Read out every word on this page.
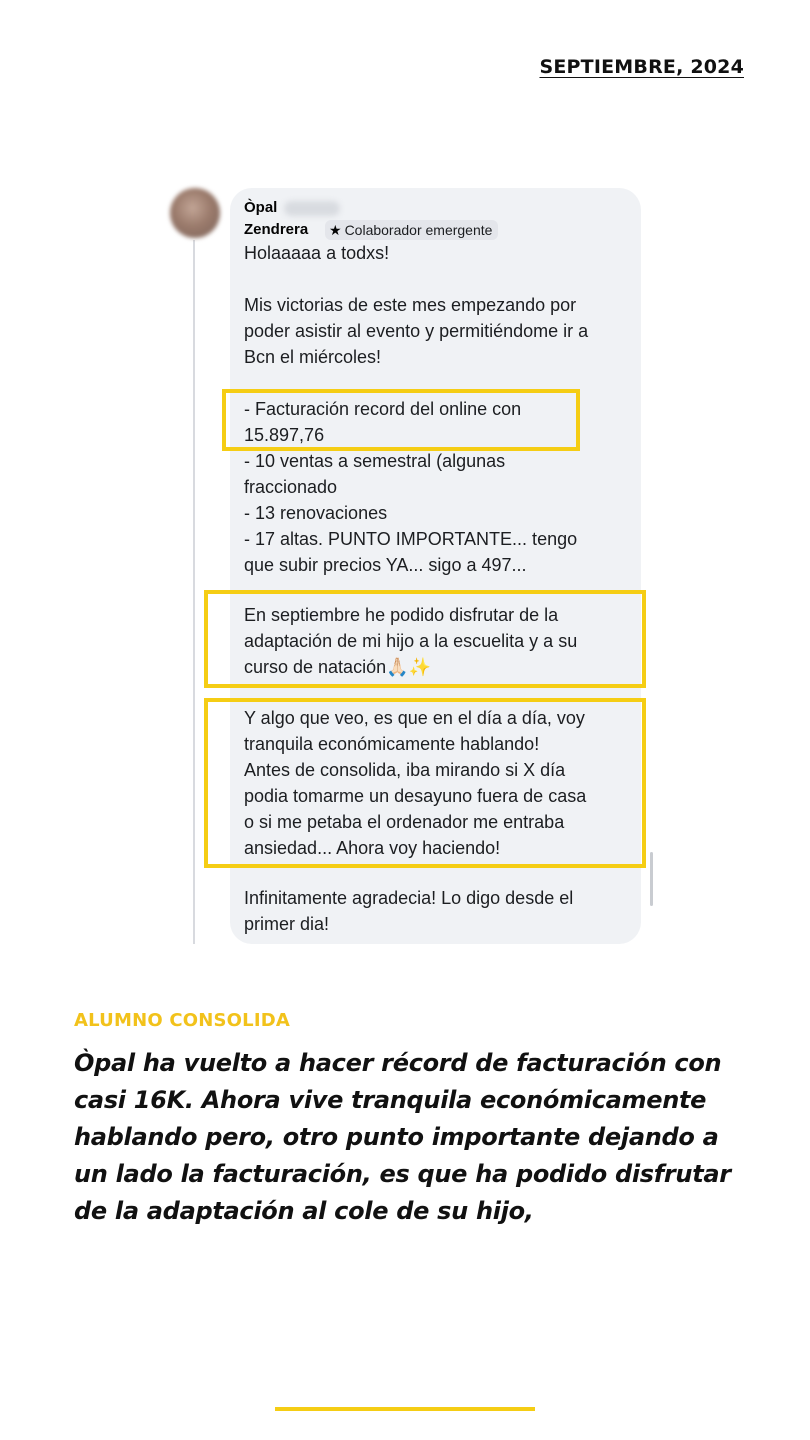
SEPTIEMBRE, 2024
Òpal
Zendrera ★ Colaborador emergente
Holaaaaa a todxs!
Mis victorias de este mes empezando por
poder asistir al evento y permitiéndome ir a
Bcn el miércoles!
- Facturación record del online con
15.897,76
- 10 ventas a semestral (algunas
fraccionado
- 13 renovaciones
- 17 altas. PUNTO IMPORTANTE... tengo
que subir precios YA... sigo a 497...
En septiembre he podido disfrutar de la
adaptación de mi hijo a la escuelita y a su
curso de natación🙏🏻✨
Y algo que veo, es que en el día a día, voy
tranquila económicamente hablando!
Antes de consolida, iba mirando si X día
podia tomarme un desayuno fuera de casa
o si me petaba el ordenador me entraba
ansiedad... Ahora voy haciendo!
Infinitamente agradecia! Lo digo desde el
primer dia!
ALUMNO CONSOLIDA
Òpal ha vuelto a hacer récord de facturación con casi 16K. Ahora vive tranquila económicamente hablando pero, otro punto importante dejando a un lado la facturación, es que ha podido disfrutar de la adaptación al cole de su hijo,
